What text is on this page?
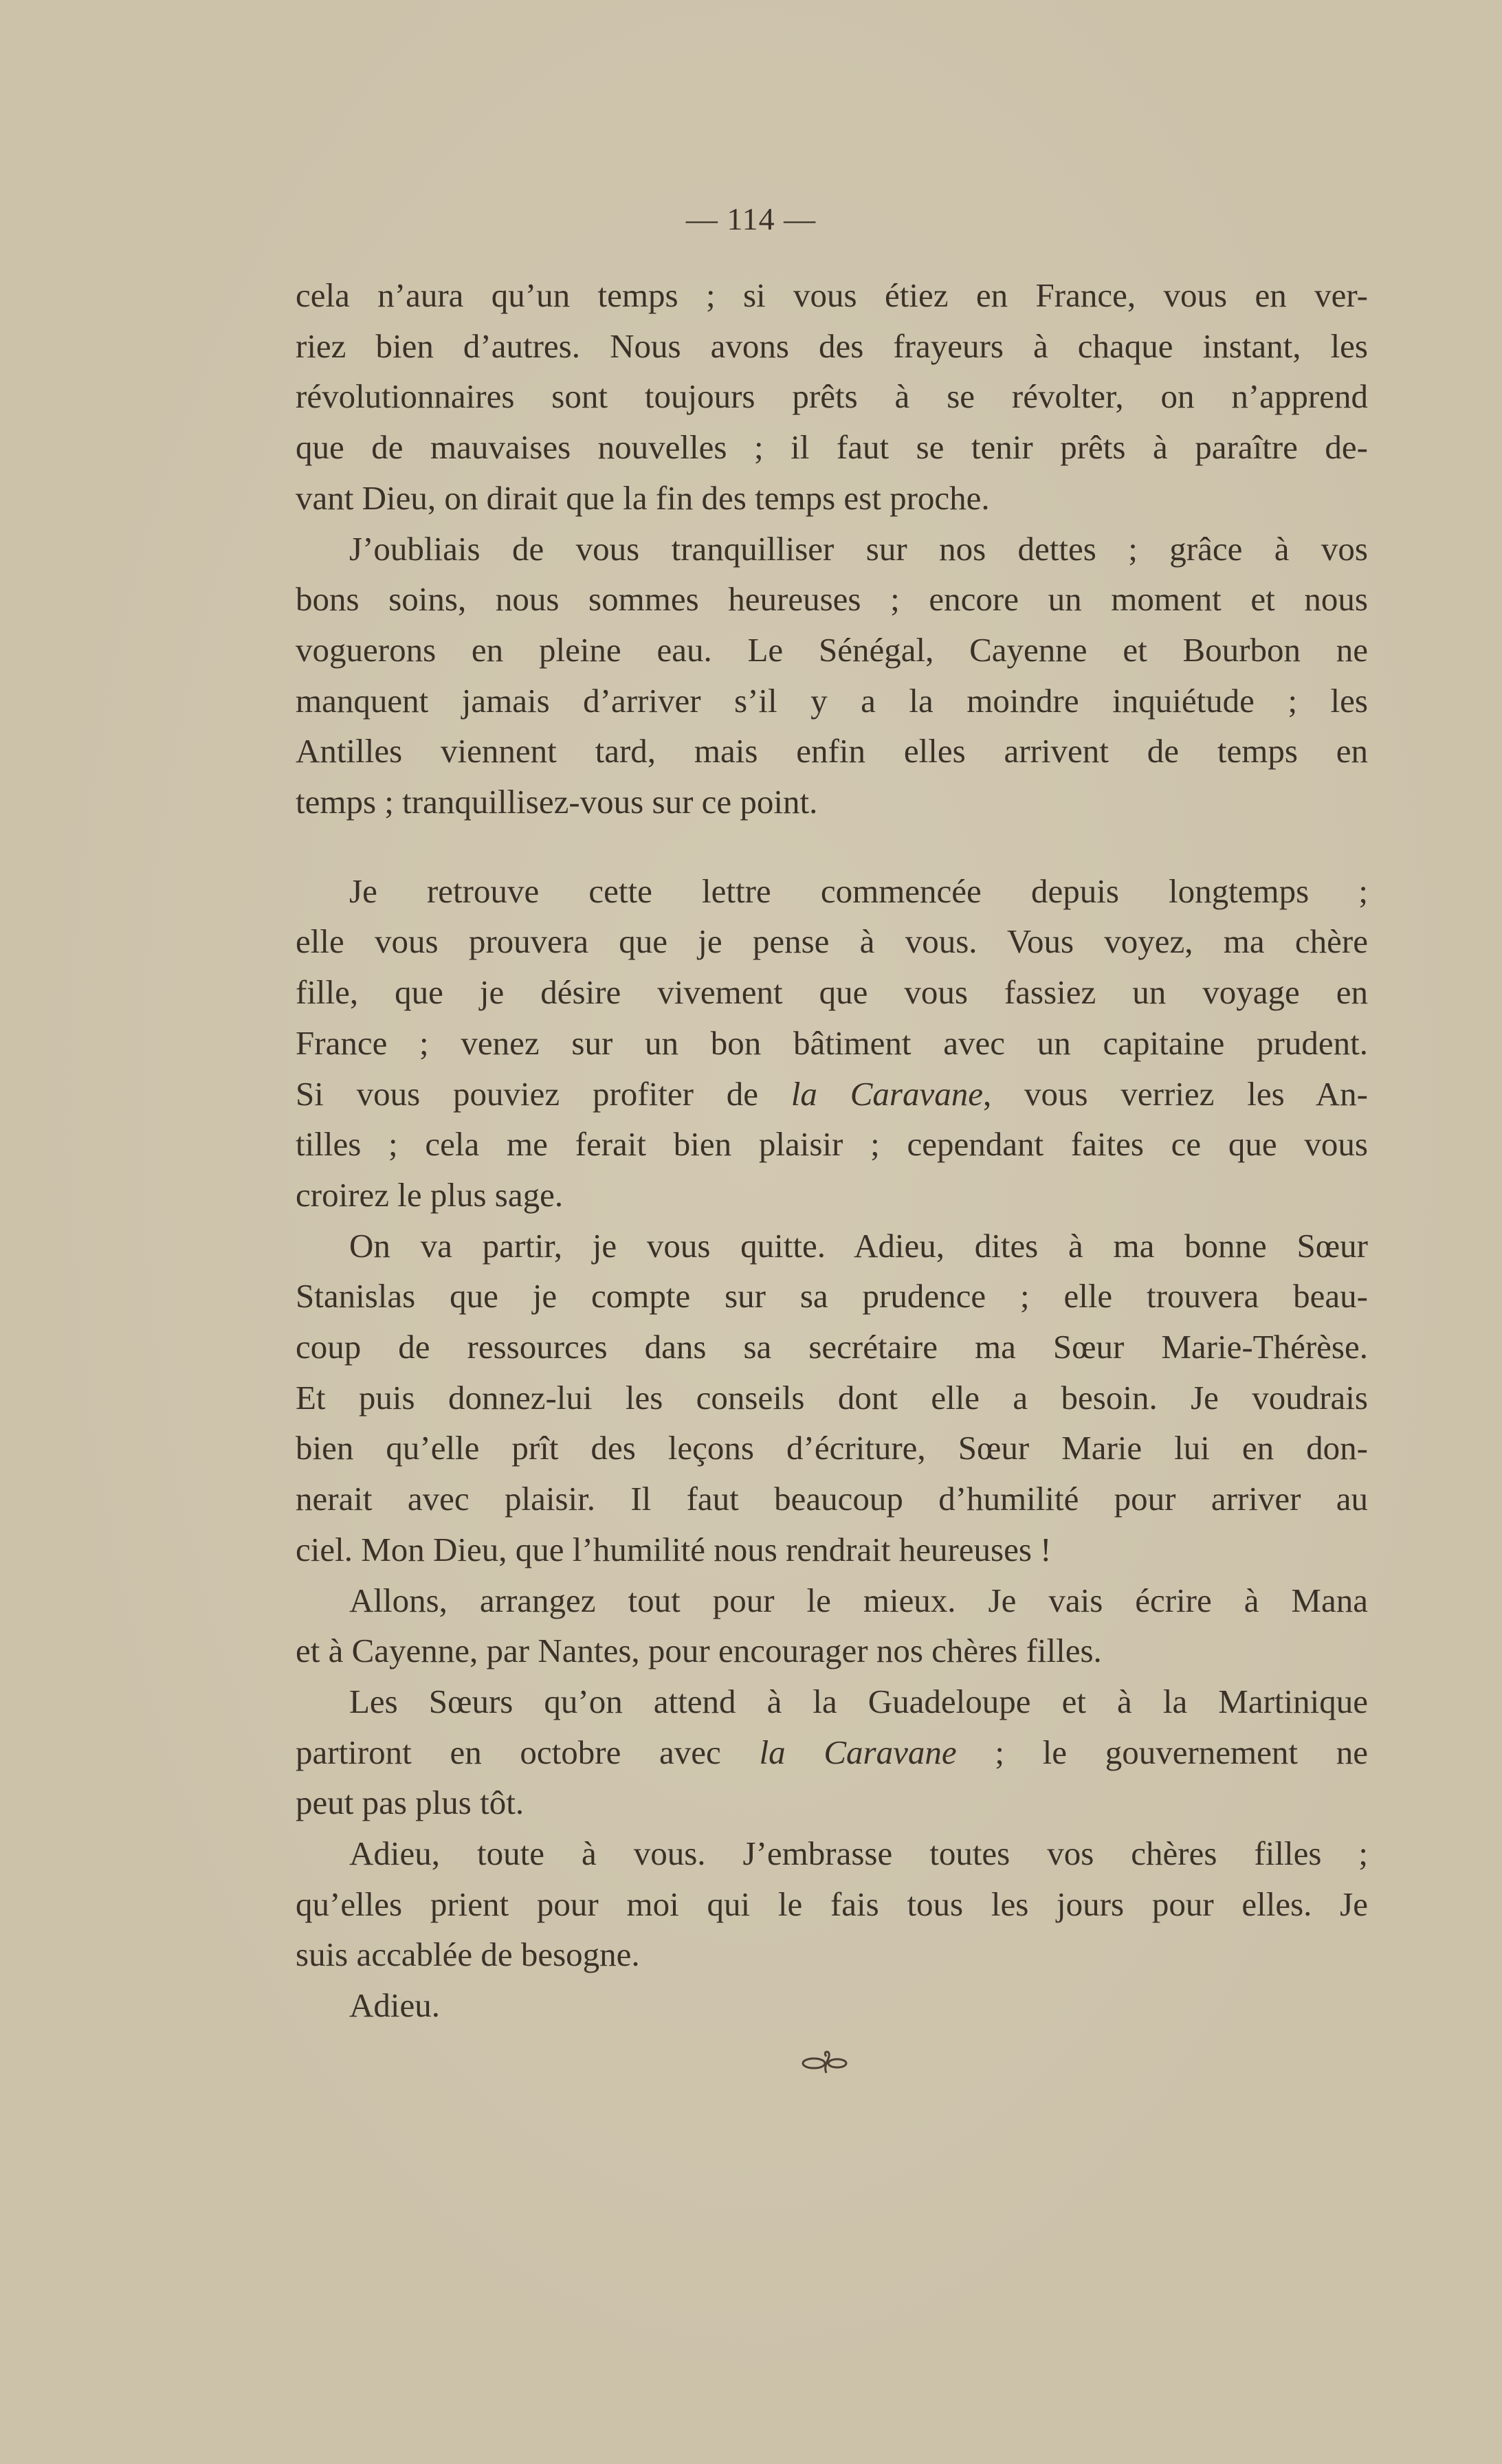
— 114 —
cela n’aura qu’un temps ; si vous étiez en France, vous en ver-
riez bien d’autres. Nous avons des frayeurs à chaque instant, les
révolutionnaires sont toujours prêts à se révolter, on n’apprend
que de mauvaises nouvelles ; il faut se tenir prêts à paraître de-
vant Dieu, on dirait que la fin des temps est proche.
J’oubliais de vous tranquilliser sur nos dettes ; grâce à vos
bons soins, nous sommes heureuses ; encore un moment et nous
voguerons en pleine eau. Le Sénégal, Cayenne et Bourbon ne
manquent jamais d’arriver s’il y a la moindre inquiétude ; les
Antilles viennent tard, mais enfin elles arrivent de temps en
temps ; tranquillisez-vous sur ce point.
Je retrouve cette lettre commencée depuis longtemps ;
elle vous prouvera que je pense à vous. Vous voyez, ma chère
fille, que je désire vivement que vous fassiez un voyage en
France ; venez sur un bon bâtiment avec un capitaine prudent.
Si vous pouviez profiter de la Caravane, vous verriez les An-
tilles ; cela me ferait bien plaisir ; cependant faites ce que vous
croirez le plus sage.
On va partir, je vous quitte. Adieu, dites à ma bonne Sœur
Stanislas que je compte sur sa prudence ; elle trouvera beau-
coup de ressources dans sa secrétaire ma Sœur Marie-Thérèse.
Et puis donnez-lui les conseils dont elle a besoin. Je voudrais
bien qu’elle prît des leçons d’écriture, Sœur Marie lui en don-
nerait avec plaisir. Il faut beaucoup d’humilité pour arriver au
ciel. Mon Dieu, que l’humilité nous rendrait heureuses !
Allons, arrangez tout pour le mieux. Je vais écrire à Mana
et à Cayenne, par Nantes, pour encourager nos chères filles.
Les Sœurs qu’on attend à la Guadeloupe et à la Martinique
partiront en octobre avec la Caravane ; le gouvernement ne
peut pas plus tôt.
Adieu, toute à vous. J’embrasse toutes vos chères filles ;
qu’elles prient pour moi qui le fais tous les jours pour elles. Je
suis accablée de besogne.
Adieu.
